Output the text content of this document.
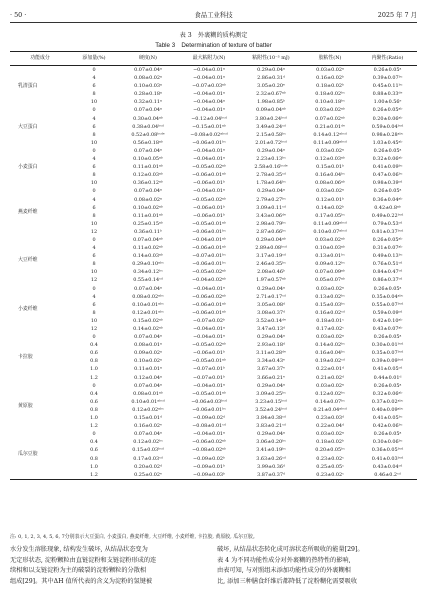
· 50 ·	食品工业科技	2025 年 7 月
表 3　外裹糊的质构测定
Table 3　Determination of texture of batter
功能成分	添加量(%)	硬度(N)	最大粘附力(N)	粘附性(10⁻³ mJ)	胶粘性(N)	内聚性(Ratio)
乳清蛋白	0	0.07±0.04ᵃ	−0.04±0.01ᵃ	0.29±0.04ᵃ	0.03±0.02ᵃ	0.26±0.05ᵃ
	4	0.08±0.02ᵃ	−0.04±0.01ᵃ	2.86±0.31ᵈ	0.16±0.02ᵇ	0.39±0.07ᵇᶜ
	6	0.10±0.03ᵃ	−0.07±0.03ᵃᵇ	3.05±0.20ᵉ	0.18±0.02ᵇ	0.45±0.11ᵇᶜ
	8	0.28±0.18ᵃ	−0.04±0.01ᵃ	2.32±0.67ᵃᵇ	0.18±0.02ᵇᶜ	0.88±0.33ᵈᵉ
	10	0.32±0.11ᵃ	−0.04±0.04ᵃ	1.98±0.85ᵇ	0.10±0.18ᵇᶜ	1.00±0.56ᵉ
大豆蛋白	0	0.07±0.04ᵃ	−0.04±0.01ᵃ	0.09±0.04ᵃᵇ	0.03±0.02ᵃᵇ	0.26±0.05ᵃᵇ
	4	0.30±0.04ᵃᵇ	−0.12±0.04ᵇᶜᵈ	3.80±0.24ᵇᶜᵈ	0.07±0.02ᵃᵇ	0.20±0.06ᵃᵇ
	6	0.38±0.04ᵇᶜᵈ	−0.15±0.01ᵃᵇ	3.49±0.24ᶜᵈ	0.21±0.01ᵈᵉ	0.59±0.04ᵇᶜᵈ
	8	0.52±0.08ᵇᶜᵈᵉ	−0.08±0.02ᵃᵇᶜᵈ	2.15±0.58ᵇᶜ	0.14±0.12ᵃᵇᶜᵈ	0.98±0.28ᵃᵇᶜ
	10	0.56±0.18ᵃᵇ	−0.06±0.01ᵇᶜ	2.01±0.72ᵇᶜᵈ	0.11±0.09ᵃᵇᶜᵈ	1.03±0.45ᵃᵇ
小麦蛋白	0	0.07±0.04ᵃ	−0.04±0.01ᵃ	0.29±0.04ᵃ	0.03±0.02ᵃ	0.26±0.05ᵃ
	4	0.10±0.05ᵃᵇ	−0.04±0.01ᵃ	2.23±0.13ᵇᶜ	0.12±0.03ᵃᵇ	0.32±0.06ᵃᵇ
	6	0.11±0.01ᵃᵇ	−0.05±0.02ᵃᵇ	2.58±0.16ᵇᶜᵈᵉ	0.15±0.01ᵇ	0.41±0.09ᵇᶜ
	8	0.12±0.03ᵃᵇ	−0.06±0.01ᵃᵇ	2.78±0.35ᶜᵈ	0.16±0.04ᵇᶜ	0.47±0.06ᵇᶜ
	10	0.36±0.12ᵃᵇ	−0.06±0.01ᵇ	1.78±0.64ᵇᶜ	0.08±0.06ᵃᵇ	0.98±0.39ᶜᵈ
燕麦纤维	0	0.07±0.04ᵃ	−0.04±0.01ᵃ	0.29±0.04ᵃ	0.03±0.02ᵃ	0.26±0.05ᵃ
	4	0.08±0.02ᵃ	−0.05±0.02ᵃᵇ	2.79±0.27ᵇᶜ	0.12±0.01ᵇ	0.36±0.04ᵃᵇ
	6	0.10±0.02ᵃᵇ	−0.06±0.01ᵇ	3.09±0.11ᶜᵈ	0.14±0.02ᵇ	0.42±0.8ᵃᵇ
	8	0.11±0.01ᵃᵇ	−0.06±0.01ᵇ	3.43±0.06ᵈᵉ	0.17±0.05ᵇᶜ	0.49±0.22ᵇᶜᵈ
	10	0.25±0.15ᵃᵇ	−0.05±0.01ᵃᵇ	2.98±0.79ᵇᶜ	0.11±0.09ᵃᵇᶜᵈ	0.79±0.53ᶜᵈ
	12	0.36±0.11ᵇ	−0.06±0.01ᵇᶜ	2.87±0.66ᵇᶜ	0.10±0.07ᵃᵇᶜᵈ	0.81±0.37ᵇᶜᵈ
大豆纤维	0	0.07±0.04ᵃᵇ	−0.04±0.01ᵃᵇ	0.29±0.04ᵃᵇ	0.03±0.02ᵃᵇ	0.26±0.05ᵃᵇ
	4	0.11±0.02ᵃᵇ	−0.06±0.01ᵃᵇ	2.89±0.08ᵇᶜᵈ	0.10±0.03ᵃᵇ	0.31±0.07ᵃᵇ
	6	0.14±0.03ᵃᵇ	−0.07±0.01ᵇᶜ	3.17±0.19ᶜᵈ	0.13±0.01ᵇᶜ	0.49±0.13ᵇᶜ
	8	0.29±0.10ᵃᵇᶜ	−0.06±0.01ᵇᶜ	2.46±0.35ᵇᶜ	0.09±0.12ᵇᶜ	0.76±0.51ᶜᵈ
	10	0.34±0.12ᵇᶜ	−0.05±0.02ᵃᵇ	2.08±0.46ᵇ	0.07±0.09ᵃᵇ	0.84±0.47ᶜᵈ
	12	0.55±0.14ᶜᵈ	−0.04±0.02ᵃᵇ	1.97±0.57ᵃᵇ	0.05±0.07ᵃᵇ	0.86±0.37ᶜᵈ
小麦纤维	0	0.07±0.04ᵃ	−0.04±0.01ᵃ	0.29±0.04ᵃ	0.03±0.02ᵃ	0.26±0.05ᵃ
	4	0.08±0.02ᵃᵇᶜ	−0.06±0.02ᵃᵇ	2.71±0.17ᶜᵈ	0.13±0.02ᵇᶜ	0.35±0.04ᵃᵇᶜ
	6	0.10±0.01ᵃᵇᶜ	−0.06±0.01ᵃᵇ	3.05±0.08ᵈ	0.15±0.03ᵇᶜ	0.55±0.07ᵇᶜᵈ
	8	0.12±0.01ᵃᵇᶜ	−0.06±0.01ᵃᵇ	3.08±0.37ᵈ	0.16±0.02ᶜᵈ	0.59±0.09ᶜᵈ
	10	0.15±0.02ᵃᵇ	−0.07±0.02ᵇ	3.52±0.14ᵈᵉ	0.18±0.01ᶜ	0.42±0.10ᵃᵇ
	12	0.14±0.02ᵃᵇ	−0.04±0.01ᵃ	3.47±0.13ᵈ	0.17±0.02ᶜ	0.43±0.07ᵃᵇ
卡拉胶	0	0.07±0.04ᵃ	−0.04±0.01ᵃ	0.29±0.04ᵃ	0.03±0.02ᵃ	0.26±0.05ᵃ
	0.4	0.08±0.01ᵃ	−0.05±0.02ᵃᵇ	2.93±0.18ᵈ	0.14±0.02ᵇᶜ	0.30±0.01ᵇᶜᵈ
	0.6	0.09±0.02ᵃ	−0.06±0.01ᵇ	3.11±0.28ᵈᵉ	0.16±0.04ᵇᶜ	0.35±0.07ᵇᶜᵈ
	0.8	0.10±0.02ᵃ	−0.05±0.01ᵃᵇ	3.34±0.43ᵉ	0.19±0.02ᶜᵈ	0.39±0.09ᵇᶜᵈ
	1.0	0.11±0.01ᵃ	−0.07±0.01ᵇ	3.67±0.37ᵉ	0.22±0.01ᵈ	0.41±0.05ᶜᵈ
	1.2	0.12±0.04ᵃ	−0.07±0.01ᵇ	3.66±0.21ᵉ	0.21±0.02ᵈ	0.44±0.01ᵈ
黄原胶	0	0.07±0.04ᵃ	−0.04±0.01ᵃ	0.29±0.04ᵃ	0.03±0.02ᵃ	0.26±0.05ᵃ
	0.4	0.08±0.01ᵃᵇ	−0.05±0.01ᵃᵇ	3.09±0.25ᵇᶜ	0.12±0.02ᵇᶜ	0.32±0.06ᵃᵇ
	0.6	0.10±0.01ᵃᵇᶜᵈ	−0.06±0.03ᵇᶜᵈ	3.23±0.15ᵇᶜᵈ	0.14±0.07ᵇᶜ	0.37±0.02ᵃᵇᶜ
	0.8	0.12±0.02ᵃᵇᶜ	−0.06±0.01ᵇᶜ	3.52±0.24ᵇᶜᵈ	0.21±0.04ᵃᵇᶜᵈ	0.40±0.09ᵃᵇᶜ
	1.0	0.15±0.01ᵈ	−0.09±0.02ᵈ	3.84±0.38ᶜᵈ	0.23±0.03ᵈ	0.41±0.05ᵇᶜ
	1.2	0.16±0.02ᵉ	−0.08±0.01ᶜᵈ	3.83±0.21ᶜᵈ	0.22±0.04ᵈ	0.42±0.06ᵇᶜ
瓜尔豆胶	0	0.07±0.04ᵃ	−0.04±0.01ᵃ	0.29±0.04ᵃ	0.03±0.02ᵃ	0.26±0.05ᵃ
	0.4	0.12±0.02ᵇᶜ	−0.06±0.02ᵃᵇ	3.06±0.20ᵇᶜ	0.18±0.02ᵇ	0.30±0.06ᵇᶜ
	0.6	0.15±0.03ᵇᶜᵈ	−0.08±0.02ᵃᵇ	3.41±0.19ᵇᶜ	0.20±0.05ᵇᶜ	0.36±0.05ᵇᶜᵈ
	0.8	0.17±0.03ᶜᵈ	−0.09±0.02ᵇ	3.63±0.26ᶜᵈ	0.23±0.02ᶜ	0.41±0.03ᵇᶜᵈ
	1.0	0.20±0.02ᵈ	−0.09±0.01ᵇ	3.99±0.36ᵈ	0.25±0.05ᶜ	0.43±0.04ᶜᵈ
	1.2	0.25±0.02ᵉ	−0.09±0.03ᵇ	3.87±0.37ᵈ	0.23±0.02ᶜ	0.46±0.2ᶜᵈ
注: 0, 1, 2, 3, 4, 5, 6, 7分别表示大豆蛋白, 小麦蛋白, 燕麦纤维, 大豆纤维, 小麦纤维, 卡拉胶, 黄原胶, 瓜尔豆胶。
水分发生溶胀现象, 结构发生破坏, 从结晶状态变为
无定形状态, 淀粉颗粒由直链淀粉和支链淀粉形成的连
续相和以支链淀粉为主的破裂的淀粉颗粒的分散相
组成[29]。其中ΔH 值所代表的含义为淀粉的氢键被
破坏, 从结晶状态转化成可溶状态所吸收的能量[29]。
表 4 为不同功能性成分对外裹糊的热特性的影响,
由表可知, 与对照组未添加功能性成分的外裹糊相
比, 添加三种膳食纤维后都降低了淀粉糊化需要吸收
